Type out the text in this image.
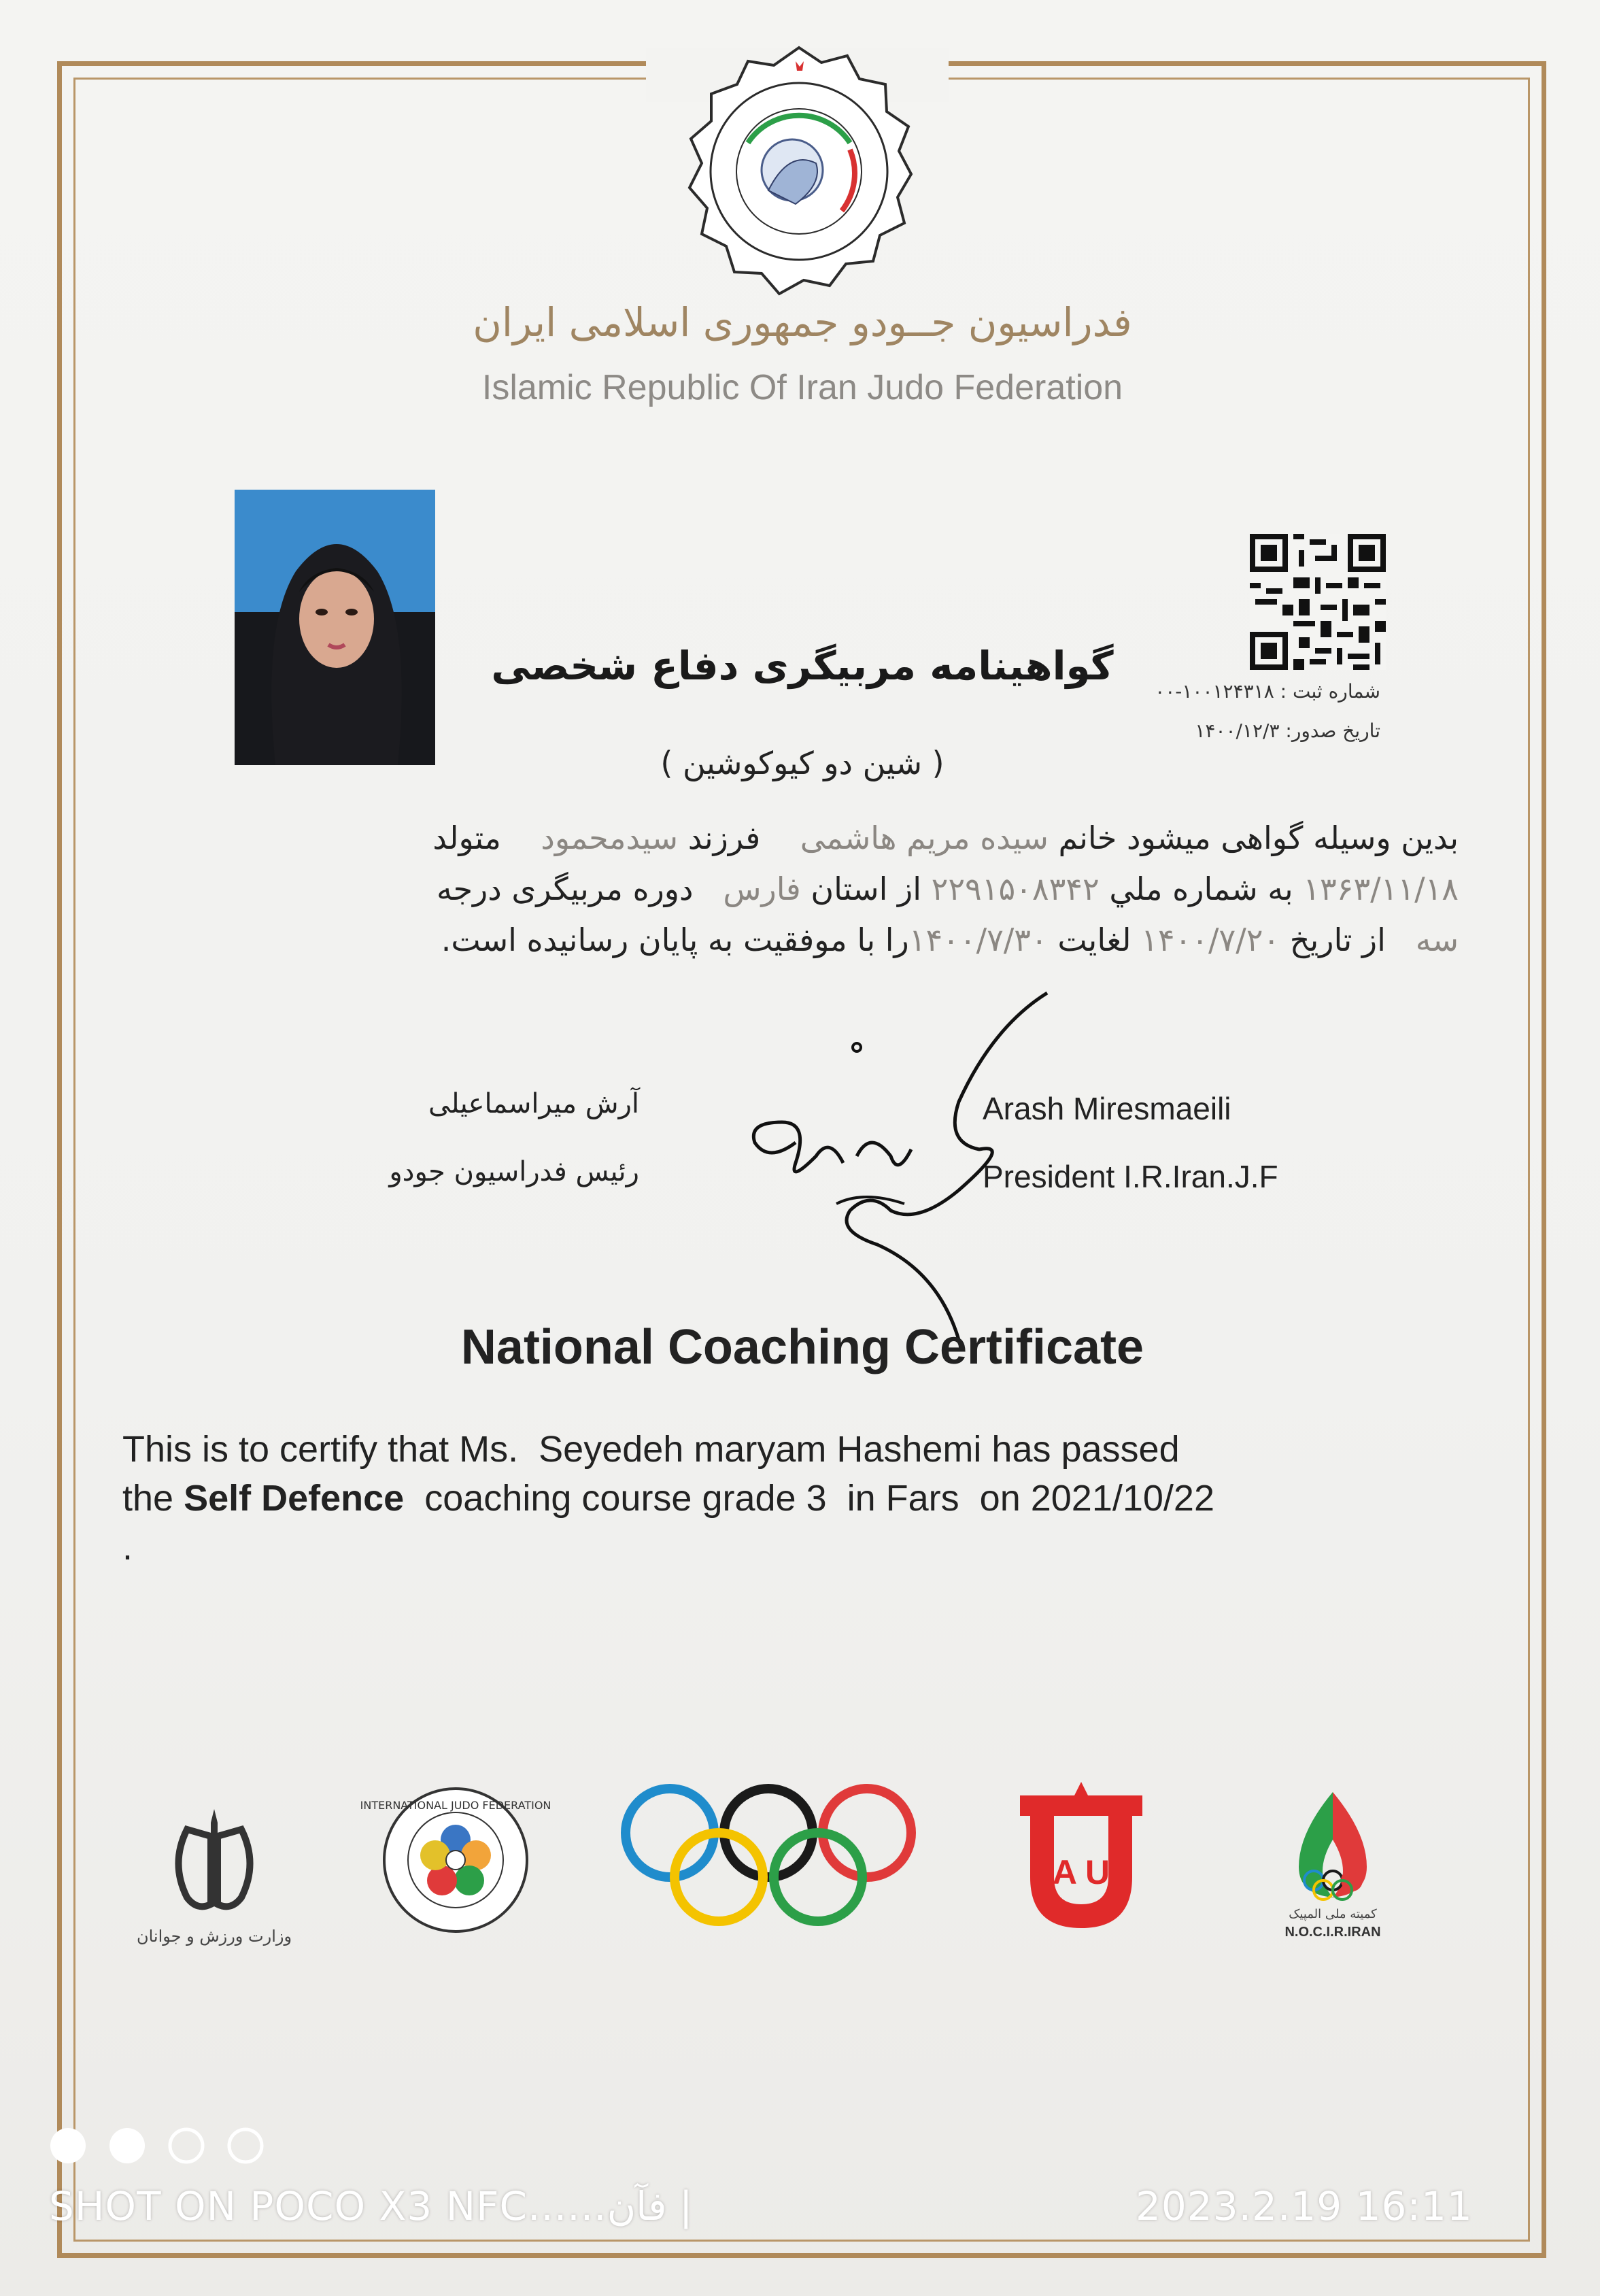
فدراسیون جــودو جمهوری اسلامی ایران
Islamic Republic Of Iran Judo Federation
گواهینامه مربیگری دفاع شخصی
شماره ثبت : ۱۰۰۱۲۴۳۱۸-۰۰
تاریخ صدور: ۱۴۰۰/۱۲/۳
( شین دو کیوکوشین )
بدین وسیله گواهی میشود خانم سیده مریم هاشمی    فرزند سیدمحمود    متولد
۱۳۶۳/۱۱/۱۸ به شماره ملي ۲۲۹۱۵۰۸۳۴۲ از استان فارس   دوره مربیگری درجه
سه   از تاریخ ۱۴۰۰/۷/۲۰ لغایت ۱۴۰۰/۷/۳۰را با موفقیت به پایان رسانیده است.
آرش میراسماعیلی
رئیس فدراسیون جودو
Arash Miresmaeili
President I.R.Iran.J.F
National Coaching Certificate
This is to certify that Ms.  Seyedeh maryam Hashemi has passed
the Self Defence  coaching course grade 3  in Fars  on 2021/10/22
.
وزارت ورزش و جوانان
INTERNATIONAL JUDO FEDERATION
A U
کمیته ملی المپیک
N.O.C.I.R.IRAN
SHOT ON POCO X3 NFC......فآن |	2023.2.19 16:11
